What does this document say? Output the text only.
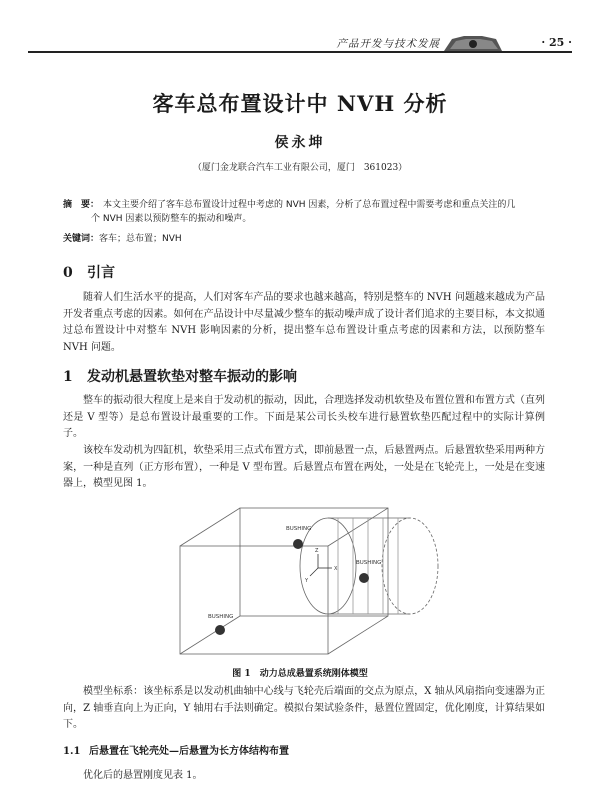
产品开发与技术发展	· 25 ·
客车总布置设计中 NVH 分析
侯永坤
（厦门金龙联合汽车工业有限公司，厦门　361023）
摘　要： 本文主要介绍了客车总布置设计过程中考虑的 NVH 因素，分析了总布置过程中需要考虑和重点关注的几
个 NVH 因素以预防整车的振动和噪声。
关键词：客车；总布置；NVH
0 引言
随着人们生活水平的提高，人们对客车产品的要求也越来越高，特别是整车的 NVH 问题越来越成为产品开发者重点考虑的因素。如何在产品设计中尽量减少整车的振动噪声成了设计者们追求的主要目标，本文拟通过总布置设计中对整车 NVH 影响因素的分析，提出整车总布置设计重点考虑的因素和方法，以预防整车 NVH 问题。
1 发动机悬置软垫对整车振动的影响
整车的振动很大程度上是来自于发动机的振动，因此，合理选择发动机软垫及布置位置和布置方式（直列还是 V 型等）是总布置设计最重要的工作。下面是某公司长头校车进行悬置软垫匹配过程中的实际计算例子。
该校车发动机为四缸机，软垫采用三点式布置方式，即前悬置一点，后悬置两点。后悬置软垫采用两种方案，一种是直列（正方形布置），一种是 V 型布置。后悬置点布置在两处，一处是在飞轮壳上，一处是在变速器上，模型见图 1。
BUSHING
BUSHING
BUSHING
Z
X
Y
图 1　动力总成悬置系统刚体模型
模型坐标系：该坐标系是以发动机曲轴中心线与飞轮壳后端面的交点为原点，X 轴从风扇指向变速器为正向，Z 轴垂直向上为正向，Y 轴用右手法则确定。模拟台架试验条件，悬置位置固定，优化刚度，计算结果如下。
1.1 后悬置在飞轮壳处—后悬置为长方体结构布置
优化后的悬置刚度见表 1。
